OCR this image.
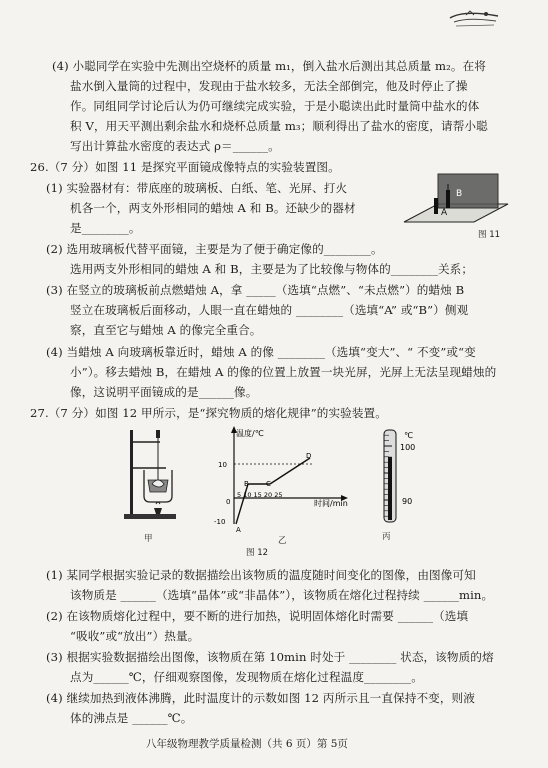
(4) 小聪同学在实验中先测出空烧杯的质量 m₁，倒入盐水后测出其总质量 m₂。在将
盐水倒入量筒的过程中，发现由于盐水较多，无法全部倒完，他及时停止了操
作。同组同学讨论后认为仍可继续完成实验，于是小聪读出此时量筒中盐水的体
积 V，用天平测出剩余盐水和烧杯总质量 m₃；顺利得出了盐水的密度，请帮小聪
写出计算盐水密度的表达式 ρ＝______。
26.（7 分）如图 11 是探究平面镜成像特点的实验装置图。
(1) 实验器材有：带底座的玻璃板、白纸、笔、光屏、打火
机各一个，两支外形相同的蜡烛 A 和 B。还缺少的器材
是________。
B
A
图 11
(2) 选用玻璃板代替平面镜，主要是为了便于确定像的________。
选用两支外形相同的蜡烛 A 和 B，主要是为了比较像与物体的________关系；
(3) 在竖立的玻璃板前点燃蜡烛 A，拿 _____（选填“点燃”、“未点燃”）的蜡烛 B
竖立在玻璃板后面移动，人眼一直在蜡烛的 ________（选填“A” 或“B”）侧观
察，直至它与蜡烛 A 的像完全重合。
(4) 当蜡烛 A 向玻璃板靠近时，蜡烛 A 的像 ________（选填“变大”、“ 不变”或“变
小”）。移去蜡烛 B，在蜡烛 A 的像的位置上放置一块光屏，光屏上无法呈现蜡烛的
像，这说明平面镜成的是______像。
27.（7 分）如图 12 甲所示，是“探究物质的熔化规律”的实验装置。
甲
温度/℃
时间/min
10
-10
5 10 15 20 25
0
A
B C
D
乙
℃
100
90
丙
图 12
(1) 某同学根据实验记录的数据描绘出该物质的温度随时间变化的图像，由图像可知
该物质是 ______（选填“晶体”或“非晶体”），该物质在熔化过程持续 ______min。
(2) 在该物质熔化过程中，要不断的进行加热，说明固体熔化时需要 ______（选填
“吸收”或“放出”）热量。
(3) 根据实验数据描绘出图像，该物质在第 10min 时处于 ________ 状态，该物质的熔
点为______℃，仔细观察图像，发现物质在熔化过程温度________。
(4) 继续加热到液体沸腾，此时温度计的示数如图 12 丙所示且一直保持不变，则液
体的沸点是 ______℃。
八年级物理教学质量检测（共 6 页）第 5页
